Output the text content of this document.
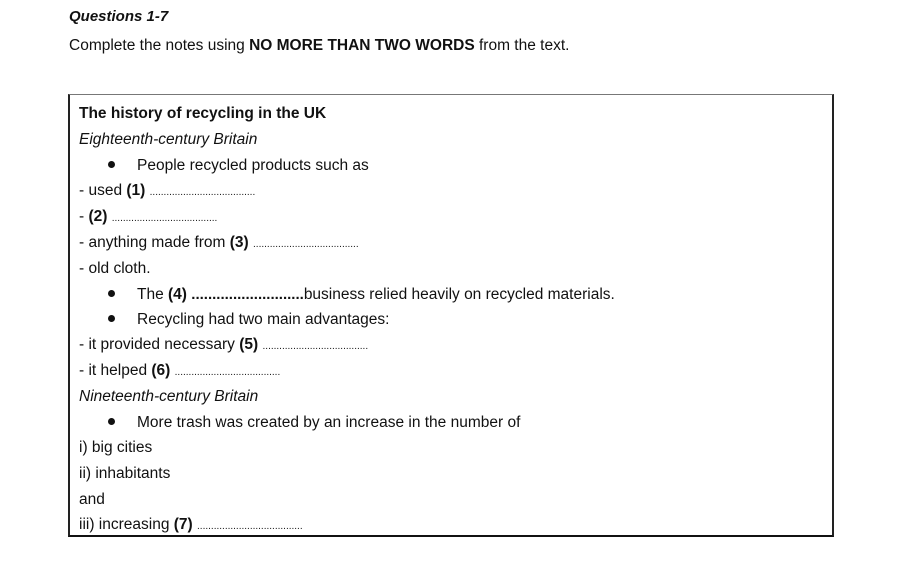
Questions 1-7
Complete the notes using NO MORE THAN TWO WORDS from the text.
The history of recycling in the UK
Eighteenth-century Britain
People recycled products such as
- used (1) ......................................
- (2) ......................................
- anything made from (3) ......................................
- old cloth.
The (4) ...........................business relied heavily on recycled materials.
Recycling had two main advantages:
- it provided necessary (5) ......................................
- it helped (6) ......................................
Nineteenth-century Britain
More trash was created by an increase in the number of
i) big cities
ii) inhabitants
and
iii) increasing (7) ......................................
